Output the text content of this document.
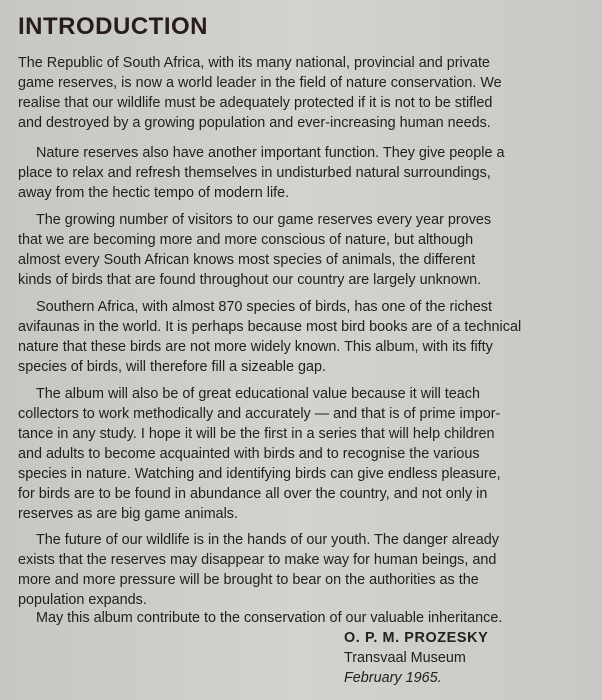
INTRODUCTION

The Republic of South Africa, with its many national, provincial and private
game reserves, is now a world leader in the field of nature conservation. We
realise that our wildlife must be adequately protected if it is not to be stifled
and destroyed by a growing population and ever-increasing human needs.

Nature reserves also have another important function. They give people a
place to relax and refresh themselves in undisturbed natural surroundings,
away from the hectic tempo of modern life.

The growing number of visitors to our game reserves every year proves
that we are becoming more and more conscious of nature, but although
almost every South African knows most species of animals, the different
kinds of birds that are found throughout our country are largely unknown.

Southern Africa, with almost 870 species of birds, has one of the richest
avifaunas in the world. It is perhaps because most bird books are of a technical
nature that these birds are not more widely known. This album, with its fifty
species of birds, will therefore fill a sizeable gap.

The album will also be of great educational value because it will teach
collectors to work methodically and accurately — and that is of prime impor-
tance in any study. I hope it will be the first in a series that will help children
and adults to become acquainted with birds and to recognise the various
species in nature. Watching and identifying birds can give endless pleasure,
for birds are to be found in abundance all over the country, and not only in
reserves as are big game animals.

The future of our wildlife is in the hands of our youth. The danger already
exists that the reserves may disappear to make way for human beings, and
more and more pressure will be brought to bear on the authorities as the
population expands.

May this album contribute to the conservation of our valuable inheritance.

O. P. M. PROZESKY
Transvaal Museum
February 1965.
